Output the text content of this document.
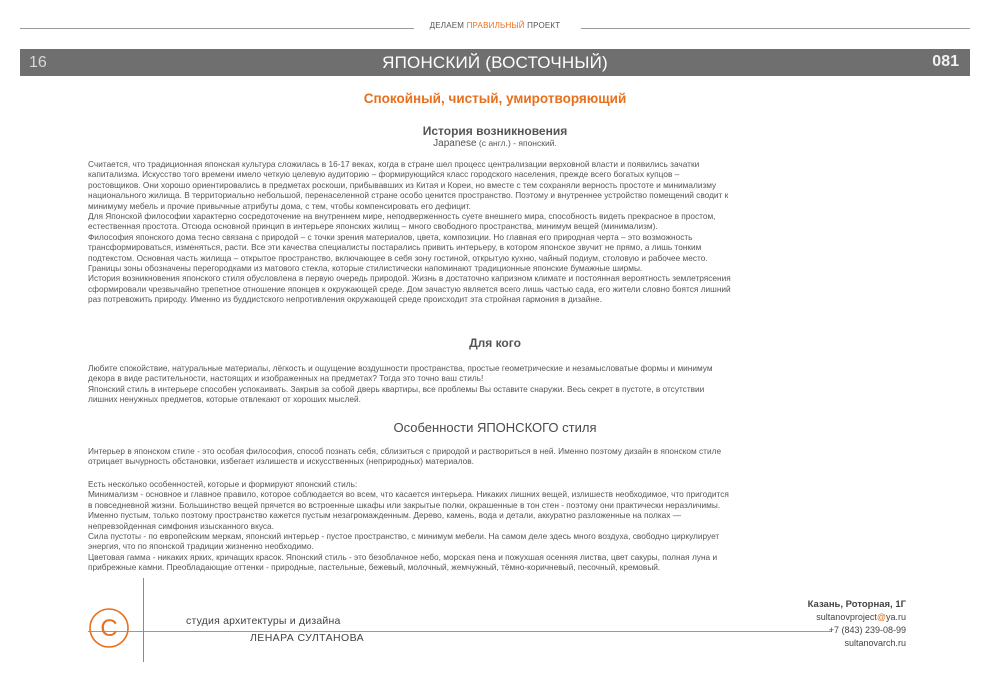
ДЕЛАЕМ ПРАВИЛЬНЫЙ ПРОЕКТ
16	ЯПОНСКИЙ (ВОСТОЧНЫЙ)	081
Спокойный, чистый, умиротворяющий
История возникновения
Japanese (с англ.) - японский.

Считается, что традиционная японская культура сложилась в 16-17 веках, когда в стране шел процесс централизации верховной власти и появились зачатки

капитализма. Искусство того времени имело четкую целевую аудиторию – формирующийся класс городского населения, прежде всего богатых купцов –

ростовщиков. Они хорошо ориентировались в предметах роскоши, прибывавших из Китая и Кореи, но вместе с тем сохраняли верность простоте и минимализму

национального жилища. В территориально небольшой, перенаселенной стране особо ценится пространство. Поэтому и внутреннее устройство помещений сводит к

минимуму мебель и прочие привычные атрибуты дома, с тем, чтобы компенсировать его дефицит.

Для Японской философии характерно сосредоточение на внутреннем мире, неподверженность суете внешнего мира, способность видеть прекрасное в простом,

естественная простота. Отсюда основной принцип в интерьере японских жилищ – много свободного пространства, минимум вещей (минимализм).

Философия японского дома тесно связана с природой – с точки зрения материалов, цвета, композиции. Но главная его природная черта – это возможность

трансформироваться, изменяться, расти. Все эти качества специалисты постарались привить интерьеру, в котором японское звучит не прямо, а лишь тонким

подтекстом. Основная часть жилища – открытое пространство, включающее в себя зону гостиной, открытую кухню, чайный подиум, столовую и рабочее место.

Границы зоны обозначены перегородками из матового стекла, которые стилистически напоминают традиционные японские бумажные ширмы.

История возникновения японского стиля обусловлена в первую очередь природой. Жизнь в достаточно капризном климате и постоянная вероятность землетрясения

сформировали чрезвычайно трепетное отношение японцев к окружающей среде. Дом зачастую является всего лишь частью сада, его жители словно боятся лишний

раз потревожить природу. Именно из буддистского непротивления окружающей среде происходит эта стройная гармония в дизайне.

Для кого

Любите спокойствие, натуральные материалы, лёгкость и ощущение воздушности пространства, простые геометрические и незамысловатые формы и минимум

декора в виде растительности, настоящих и изображенных на предметах? Тогда это точно ваш стиль!

Японский стиль в интерьере способен успокаивать. Закрыв за собой дверь квартиры, все проблемы Вы оставите снаружи. Весь секрет в пустоте, в отсутствии

лишних ненужных предметов, которые отвлекают от хороших мыслей.

Особенности ЯПОНСКОГО стиля

Интерьер в японском стиле - это особая философия, способ познать себя, сблизиться с природой и раствориться в ней. Именно поэтому дизайн в японском стиле

отрицает вычурность обстановки, избегает излишеств и искусственных (неприродных) материалов.

Есть несколько особенностей, которые и формируют японский стиль:

Минимализм - основное и главное правило, которое соблюдается во всем, что касается интерьера. Никаких лишних вещей, излишеств необходимое, что пригодится

в повседневной жизни. Большинство вещей прячется во встроенные шкафы или закрытые полки, окрашенные в тон стен - поэтому они практически неразличимы.

Именно пустым, только поэтому пространство кажется пустым незагромажденным. Дерево, камень, вода и детали, аккуратно разложенные на полках —

непревзойденная симфония изысканного вкуса.

Сила пустоты - по европейским меркам, японский интерьер - пустое пространство, с минимум мебели. На самом деле здесь много воздуха, свободно циркулирует

энергия, что по японской традиции жизненно необходимо.

Цветовая гамма - никаких ярких, кричащих красок. Японский стиль - это безоблачное небо, морская пена и пожухшая осенняя листва, цвет сакуры, полная луна и

прибрежные камни. Преобладающие оттенки - природные, пастельные, бежевый, молочный, жемчужный, тёмно-коричневый, песочный, кремовый.

C	студия архитектуры и дизайна
ЛЕНАРА СУЛТАНОВА
Казань, Роторная, 1Г
sultanovproject@ya.ru
+7 (843) 239-08-99
sultanovarch.ru
